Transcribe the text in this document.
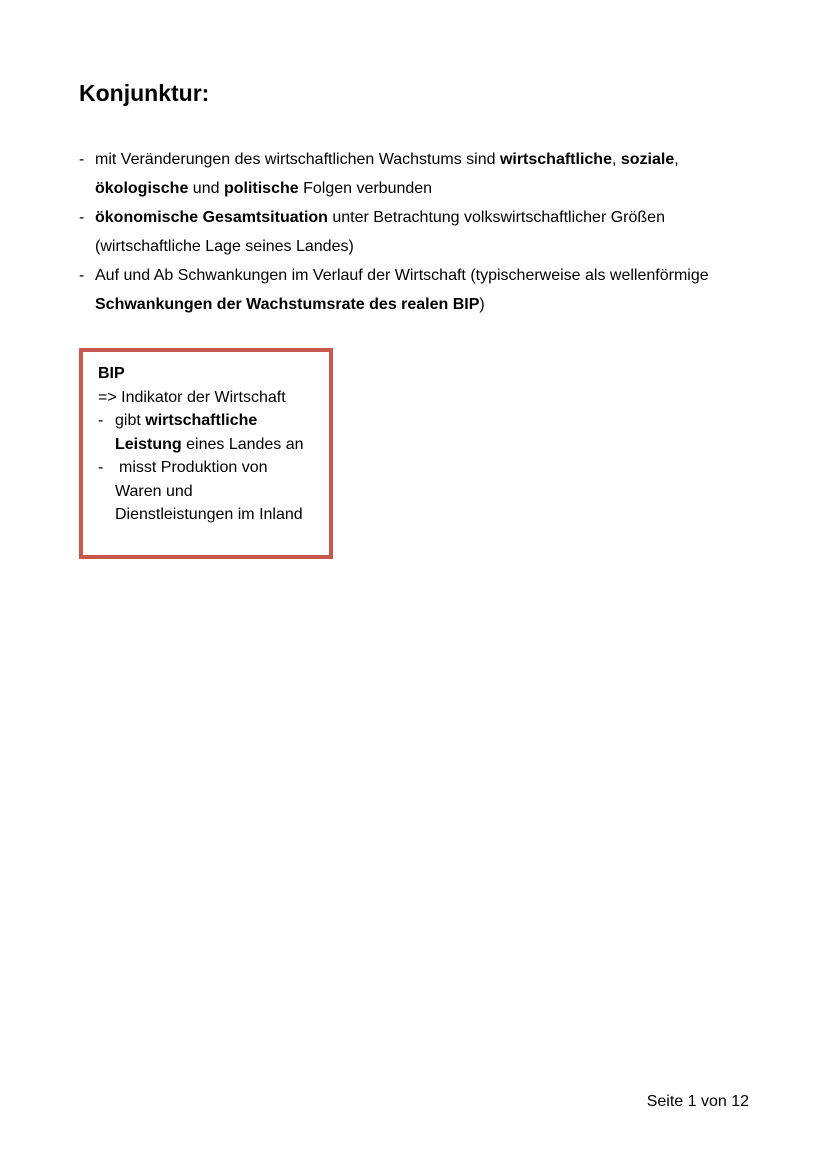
Konjunktur:
- mit Veränderungen des wirtschaftlichen Wachstums sind wirtschaftliche, soziale,
ökologische und politische Folgen verbunden
- ökonomische Gesamtsituation unter Betrachtung volkswirtschaftlicher Größen
(wirtschaftliche Lage seines Landes)
- Auf und Ab Schwankungen im Verlauf der Wirtschaft (typischerweise als wellenförmige
Schwankungen der Wachstumsrate des realen BIP)
BIP
=> Indikator der Wirtschaft
- gibt wirtschaftliche
Leistung eines Landes an
- misst Produktion von
Waren und
Dienstleistungen im Inland
Seite 1 von 12
